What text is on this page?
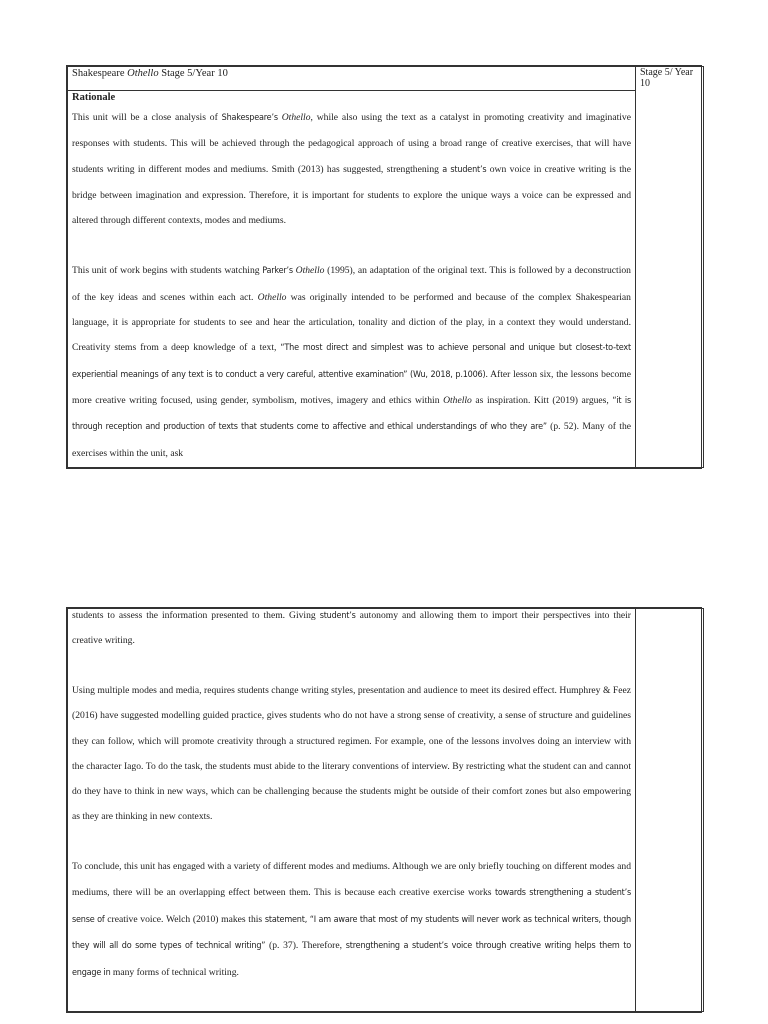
Shakespeare Othello Stage 5/Year 10	Stage 5/ Year 10

Rationale

This unit will be a close analysis of Shakespeare’s Othello, while also using the text as a catalyst in promoting creativity and imaginative responses with students. This will be achieved through the pedagogical approach of using a broad range of creative exercises, that will have students writing in different modes and mediums. Smith (2013) has suggested, strengthening a student’s own voice in creative writing is the bridge between imagination and expression. Therefore, it is important for students to explore the unique ways a voice can be expressed and altered through different contexts, modes and mediums.

This unit of work begins with students watching Parker’s Othello (1995), an adaptation of the original text. This is followed by a deconstruction of the key ideas and scenes within each act. Othello was originally intended to be performed and because of the complex Shakespearian language, it is appropriate for students to see and hear the articulation, tonality and diction of the play, in a context they would understand. Creativity stems from a deep knowledge of a text, “The most direct and simplest was to achieve personal and unique but closest-to-text experiential meanings of any text is to conduct a very careful, attentive examination” (Wu, 2018, p.1006). After lesson six, the lessons become more creative writing focused, using gender, symbolism, motives, imagery and ethics within Othello as inspiration. Kitt (2019) argues, “it is through reception and production of texts that students come to affective and ethical understandings of who they are” (p. 52). Many of the exercises within the unit, ask

students to assess the information presented to them. Giving student’s autonomy and allowing them to import their perspectives into their creative writing.

Using multiple modes and media, requires students change writing styles, presentation and audience to meet its desired effect. Humphrey & Feez (2016) have suggested modelling guided practice, gives students who do not have a strong sense of creativity, a sense of structure and guidelines they can follow, which will promote creativity through a structured regimen. For example, one of the lessons involves doing an interview with the character Iago. To do the task, the students must abide to the literary conventions of interview. By restricting what the student can and cannot do they have to think in new ways, which can be challenging because the students might be outside of their comfort zones but also empowering as they are thinking in new contexts.

To conclude, this unit has engaged with a variety of different modes and mediums. Although we are only briefly touching on different modes and mediums, there will be an overlapping effect between them. This is because each creative exercise works towards strengthening a student’s sense of creative voice. Welch (2010) makes this statement, “I am aware that most of my students will never work as technical writers, though they will all do some types of technical writing” (p. 37). Therefore, strengthening a student’s voice through creative writing helps them to engage in many forms of technical writing.
